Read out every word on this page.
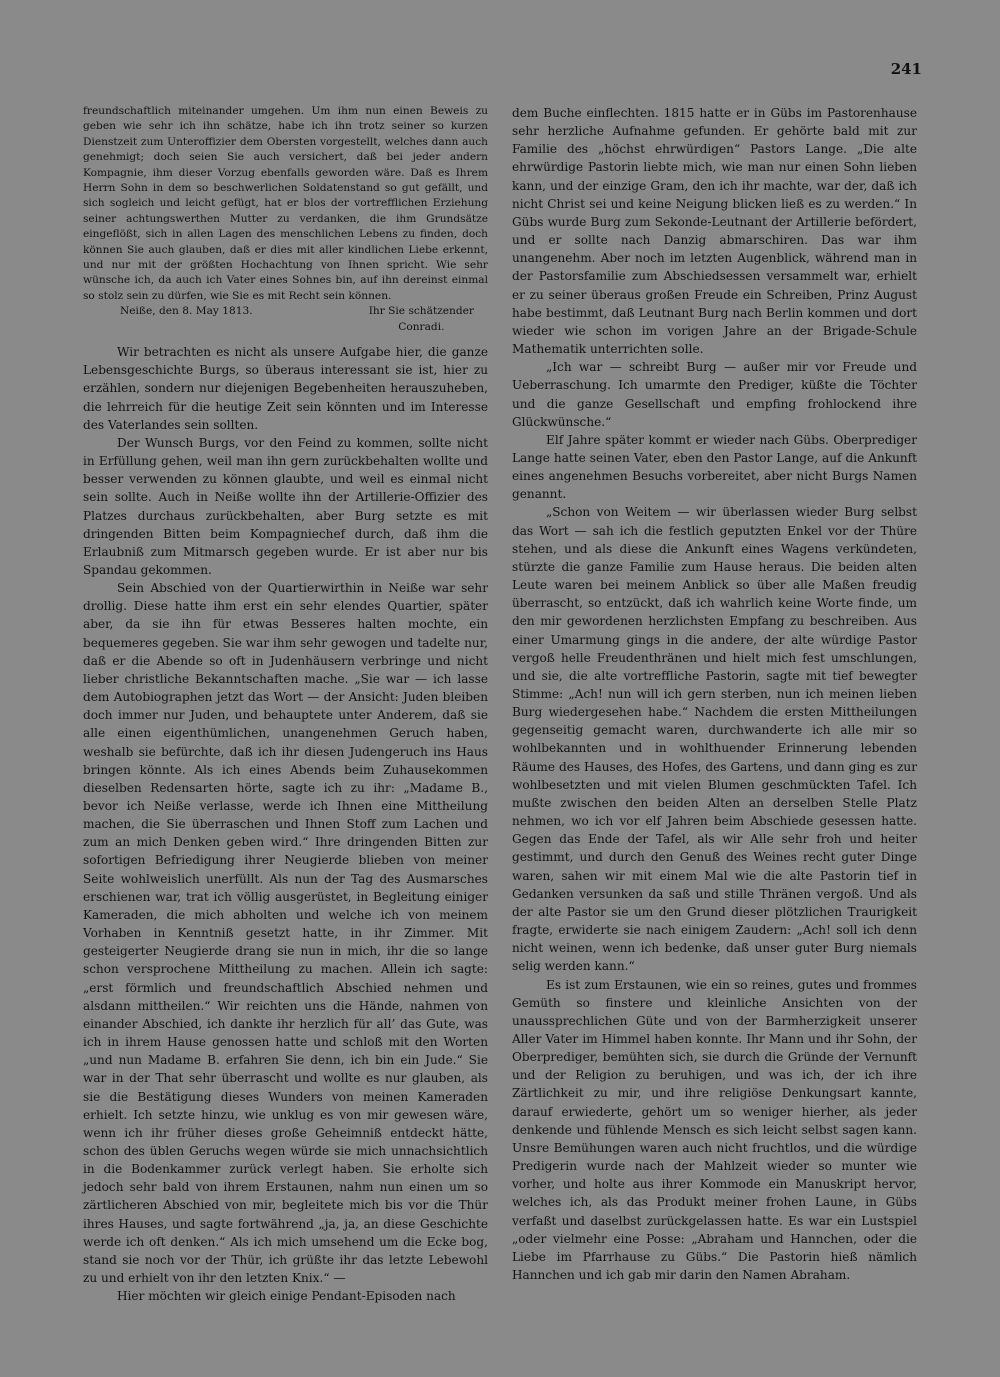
241

freundschaftlich miteinander umgehen. Um ihm nun einen Beweis zu geben wie sehr ich ihn schätze, habe ich ihn trotz seiner so kurzen Dienstzeit zum Unteroffizier dem Obersten vorgestellt, welches dann auch genehmigt; doch seien Sie auch versichert, daß bei jeder andern Kompagnie, ihm dieser Vorzug ebenfalls geworden wäre. Daß es Ihrem Herrn Sohn in dem so beschwerlichen Soldatenstand so gut gefällt, und sich sogleich und leicht gefügt, hat er blos der vortrefflichen Erziehung seiner achtungswerthen Mutter zu verdanken, die ihm Grundsätze eingeflößt, sich in allen Lagen des menschlichen Lebens zu finden, doch können Sie auch glauben, daß er dies mit aller kindlichen Liebe erkennt, und nur mit der größten Hochachtung von Ihnen spricht. Wie sehr wünsche ich, da auch ich Vater eines Sohnes bin, auf ihn dereinst einmal so stolz sein zu dürfen, wie Sie es mit Recht sein können.

Neiße, den 8. May 1813.	Ihr Sie schätzender
Conradi.

Wir betrachten es nicht als unsere Aufgabe hier, die ganze Lebensgeschichte Burgs, so überaus interessant sie ist, hier zu erzählen, sondern nur diejenigen Begebenheiten herauszuheben, die lehrreich für die heutige Zeit sein könnten und im Interesse des Vaterlandes sein sollten.

Der Wunsch Burgs, vor den Feind zu kommen, sollte nicht in Erfüllung gehen, weil man ihn gern zurückbehalten wollte und besser verwenden zu können glaubte, und weil es einmal nicht sein sollte. Auch in Neiße wollte ihn der Artillerie-Offizier des Platzes durchaus zurückbehalten, aber Burg setzte es mit dringenden Bitten beim Kompagniechef durch, daß ihm die Erlaubniß zum Mitmarsch gegeben wurde. Er ist aber nur bis Spandau gekommen.

Sein Abschied von der Quartierwirthin in Neiße war sehr drollig. Diese hatte ihm erst ein sehr elendes Quartier, später aber, da sie ihn für etwas Besseres halten mochte, ein bequemeres gegeben. Sie war ihm sehr gewogen und tadelte nur, daß er die Abende so oft in Judenhäusern verbringe und nicht lieber christliche Bekanntschaften mache. „Sie war — ich lasse dem Autobiographen jetzt das Wort — der Ansicht: Juden bleiben doch immer nur Juden, und behauptete unter Anderem, daß sie alle einen eigenthümlichen, unangenehmen Geruch haben, weshalb sie befürchte, daß ich ihr diesen Judengeruch ins Haus bringen könnte. Als ich eines Abends beim Zuhausekommen dieselben Redensarten hörte, sagte ich zu ihr: „Madame B., bevor ich Neiße verlasse, werde ich Ihnen eine Mittheilung machen, die Sie überraschen und Ihnen Stoff zum Lachen und zum an mich Denken geben wird.“ Ihre dringenden Bitten zur sofortigen Befriedigung ihrer Neugierde blieben von meiner Seite wohlweislich unerfüllt. Als nun der Tag des Ausmarsches erschienen war, trat ich völlig ausgerüstet, in Begleitung einiger Kameraden, die mich abholten und welche ich von meinem Vorhaben in Kenntniß gesetzt hatte, in ihr Zimmer. Mit gesteigerter Neugierde drang sie nun in mich, ihr die so lange schon versprochene Mittheilung zu machen. Allein ich sagte: „erst förmlich und freundschaftlich Abschied nehmen und alsdann mittheilen.“ Wir reichten uns die Hände, nahmen von einander Abschied, ich dankte ihr herzlich für all’ das Gute, was ich in ihrem Hause genossen hatte und schloß mit den Worten „und nun Madame B. erfahren Sie denn, ich bin ein Jude.“ Sie war in der That sehr überrascht und wollte es nur glauben, als sie die Bestätigung dieses Wunders von meinen Kameraden erhielt. Ich setzte hinzu, wie unklug es von mir gewesen wäre, wenn ich ihr früher dieses große Geheimniß entdeckt hätte, schon des üblen Geruchs wegen würde sie mich unnachsichtlich in die Bodenkammer zurück verlegt haben. Sie erholte sich jedoch sehr bald von ihrem Erstaunen, nahm nun einen um so zärtlicheren Abschied von mir, begleitete mich bis vor die Thür ihres Hauses, und sagte fortwährend „ja, ja, an diese Geschichte werde ich oft denken.“ Als ich mich umsehend um die Ecke bog, stand sie noch vor der Thür, ich grüßte ihr das letzte Lebewohl zu und erhielt von ihr den letzten Knix.“ —

Hier möchten wir gleich einige Pendant-Episoden nach

dem Buche einflechten. 1815 hatte er in Gübs im Pastorenhause sehr herzliche Aufnahme gefunden. Er gehörte bald mit zur Familie des „höchst ehrwürdigen“ Pastors Lange. „Die alte ehrwürdige Pastorin liebte mich, wie man nur einen Sohn lieben kann, und der einzige Gram, den ich ihr machte, war der, daß ich nicht Christ sei und keine Neigung blicken ließ es zu werden.“ In Gübs wurde Burg zum Sekonde-Leutnant der Artillerie befördert, und er sollte nach Danzig abmarschiren. Das war ihm unangenehm. Aber noch im letzten Augenblick, während man in der Pastorsfamilie zum Abschiedsessen versammelt war, erhielt er zu seiner überaus großen Freude ein Schreiben, Prinz August habe bestimmt, daß Leutnant Burg nach Berlin kommen und dort wieder wie schon im vorigen Jahre an der Brigade-Schule Mathematik unterrichten solle.

„Ich war — schreibt Burg — außer mir vor Freude und Ueberraschung. Ich umarmte den Prediger, küßte die Töchter und die ganze Gesellschaft und empfing frohlockend ihre Glückwünsche.“

Elf Jahre später kommt er wieder nach Gübs. Oberprediger Lange hatte seinen Vater, eben den Pastor Lange, auf die Ankunft eines angenehmen Besuchs vorbereitet, aber nicht Burgs Namen genannt.

„Schon von Weitem — wir überlassen wieder Burg selbst das Wort — sah ich die festlich geputzten Enkel vor der Thüre stehen, und als diese die Ankunft eines Wagens verkündeten, stürzte die ganze Familie zum Hause heraus. Die beiden alten Leute waren bei meinem Anblick so über alle Maßen freudig überrascht, so entzückt, daß ich wahrlich keine Worte finde, um den mir gewordenen herzlichsten Empfang zu beschreiben. Aus einer Umarmung gings in die andere, der alte würdige Pastor vergoß helle Freudenthränen und hielt mich fest umschlungen, und sie, die alte vortreffliche Pastorin, sagte mit tief bewegter Stimme: „Ach! nun will ich gern sterben, nun ich meinen lieben Burg wiedergesehen habe.“ Nachdem die ersten Mittheilungen gegenseitig gemacht waren, durchwanderte ich alle mir so wohlbekannten und in wohlthuender Erinnerung lebenden Räume des Hauses, des Hofes, des Gartens, und dann ging es zur wohlbesetzten und mit vielen Blumen geschmückten Tafel. Ich mußte zwischen den beiden Alten an derselben Stelle Platz nehmen, wo ich vor elf Jahren beim Abschiede gesessen hatte. Gegen das Ende der Tafel, als wir Alle sehr froh und heiter gestimmt, und durch den Genuß des Weines recht guter Dinge waren, sahen wir mit einem Mal wie die alte Pastorin tief in Gedanken versunken da saß und stille Thränen vergoß. Und als der alte Pastor sie um den Grund dieser plötzlichen Traurigkeit fragte, erwiderte sie nach einigem Zaudern: „Ach! soll ich denn nicht weinen, wenn ich bedenke, daß unser guter Burg niemals selig werden kann.“

Es ist zum Erstaunen, wie ein so reines, gutes und frommes Gemüth so finstere und kleinliche Ansichten von der unaussprechlichen Güte und von der Barmherzigkeit unserer Aller Vater im Himmel haben konnte. Ihr Mann und ihr Sohn, der Oberprediger, bemühten sich, sie durch die Gründe der Vernunft und der Religion zu beruhigen, und was ich, der ich ihre Zärtlichkeit zu mir, und ihre religiöse Denkungsart kannte, darauf erwiederte, gehört um so weniger hierher, als jeder denkende und fühlende Mensch es sich leicht selbst sagen kann. Unsre Bemühungen waren auch nicht fruchtlos, und die würdige Predigerin wurde nach der Mahlzeit wieder so munter wie vorher, und holte aus ihrer Kommode ein Manuskript hervor, welches ich, als das Produkt meiner frohen Laune, in Gübs verfaßt und daselbst zurückgelassen hatte. Es war ein Lustspiel „oder vielmehr eine Posse: „Abraham und Hannchen, oder die Liebe im Pfarrhause zu Gübs.“ Die Pastorin hieß nämlich Hannchen und ich gab mir darin den Namen Abraham.
